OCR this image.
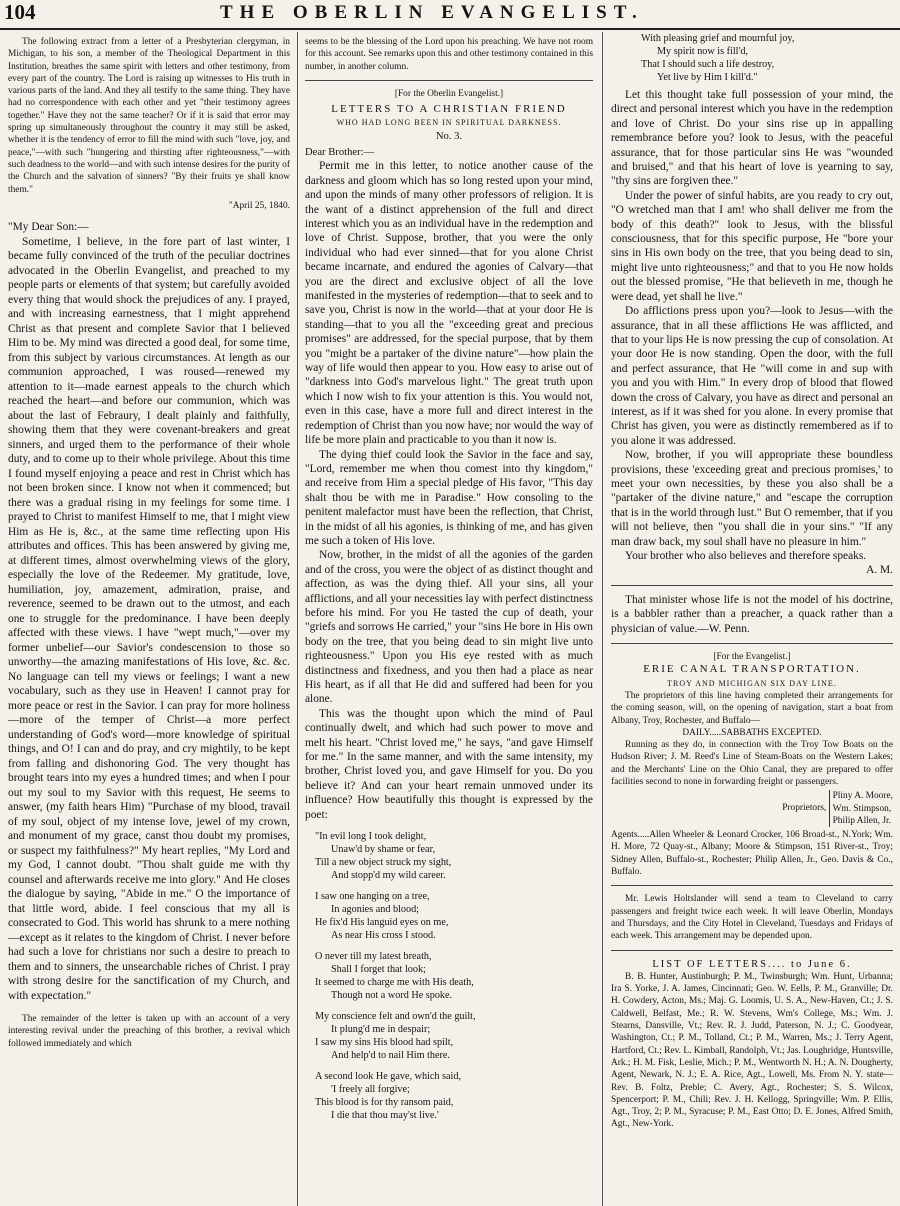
104	THE OBERLIN EVANGELIST.

The following extract from a letter of a Presbyterian clergyman, in Michigan, to his son, a member of the Theological Department in this Institution, breathes the same spirit with letters and other testimony, from every part of the country. The Lord is raising up witnesses to His truth in various parts of the land. And they all testify to the same thing. They have had no correspondence with each other and yet "their testimony agrees together." Have they not the same teacher? Or if it is said that error may spring up simultaneously throughout the country it may still be asked, whether it is the tendency of error to fill the mind with such "love, joy, and peace,"—with such "hungering and thirsting after righteousness,"—with such deadness to the world—and with such intense desires for the purity of the Church and the salvation of sinners? "By their fruits ye shall know them."

"April 25, 1840.

"My Dear Son:—

Sometime, I believe, in the fore part of last winter, I became fully convinced of the truth of the peculiar doctrines advocated in the Oberlin Evangelist, and preached to my people parts or elements of that system; but carefully avoided every thing that would shock the prejudices of any. I prayed, and with increasing earnestness, that I might apprehend Christ as that present and complete Savior that I believed Him to be. My mind was directed a good deal, for some time, from this subject by various circumstances. At length as our communion approached, I was roused—renewed my attention to it—made earnest appeals to the church which reached the heart—and before our communion, which was about the last of Febraury, I dealt plainly and faithfully, showing them that they were covenant-breakers and great sinners, and urged them to the performance of their whole duty, and to come up to their whole privilege. About this time I found myself enjoying a peace and rest in Christ which has not been broken since. I know not when it commenced; but there was a gradual rising in my feelings for some time. I prayed to Christ to manifest Himself to me, that I might view Him as He is, &c., at the same time reflecting upon His attributes and offices. This has been answered by giving me, at different times, almost overwhelming views of the glory, especially the love of the Redeemer. My gratitude, love, humiliation, joy, amazement, admiration, praise, and reverence, seemed to be drawn out to the utmost, and each one to struggle for the predominance. I have been deeply affected with these views. I have "wept much,"—over my former unbelief—our Savior's condescension to those so unworthy—the amazing manifestations of His love, &c. &c. No language can tell my views or feelings; I want a new vocabulary, such as they use in Heaven! I cannot pray for more peace or rest in the Savior. I can pray for more holiness—more of the temper of Christ—a more perfect understanding of God's word—more knowledge of spiritual things, and O! I can and do pray, and cry mightily, to be kept from falling and dishonoring God. The very thought has brought tears into my eyes a hundred times; and when I pour out my soul to my Savior with this request, He seems to answer, (my faith hears Him) "Purchase of my blood, travail of my soul, object of my intense love, jewel of my crown, and monument of my grace, canst thou doubt my promises, or suspect my faithfulness?" My heart replies, "My Lord and my God, I cannot doubt. "Thou shalt guide me with thy counsel and afterwards receive me into glory." And He closes the dialogue by saying, "Abide in me." O the importance of that little word, abide. I feel conscious that my all is consecrated to God. This world has shrunk to a mere nothing—except as it relates to the kingdom of Christ. I never before had such a love for christians nor such a desire to preach to them and to sinners, the unsearchable riches of Christ. I pray with strong desire for the sanctification of my Church, and with expectation."

The remainder of the letter is taken up with an account of a very interesting revival under the preaching of this brother, a revival which followed immediately and which

seems to be the blessing of the Lord upon his preaching. We have not room for this account. See remarks upon this and other testimony contained in this number, in another column.

[For the Oberlin Evangelist.]

LETTERS TO A CHRISTIAN FRIEND

WHO HAD LONG BEEN IN SPIRITUAL DARKNESS.

No. 3.

Dear Brother:—

Permit me in this letter, to notice another cause of the darkness and gloom which has so long rested upon your mind, and upon the minds of many other professors of religion. It is the want of a distinct apprehension of the full and direct interest which you as an individual have in the redemption and love of Christ. Suppose, brother, that you were the only individual who had ever sinned—that for you alone Christ became incarnate, and endured the agonies of Calvary—that you are the direct and exclusive object of all the love manifested in the mysteries of redemption—that to seek and to save you, Christ is now in the world—that at your door He is standing—that to you all the "exceeding great and precious promises" are addressed, for the special purpose, that by them you "might be a partaker of the divine nature"—how plain the way of life would then appear to you. How easy to arise out of "darkness into God's marvelous light." The great truth upon which I now wish to fix your attention is this. You would not, even in this case, have a more full and direct interest in the redemption of Christ than you now have; nor would the way of life be more plain and practicable to you than it now is.

The dying thief could look the Savior in the face and say, "Lord, remember me when thou comest into thy kingdom," and receive from Him a special pledge of His favor, "This day shalt thou be with me in Paradise." How consoling to the penitent malefactor must have been the reflection, that Christ, in the midst of all his agonies, is thinking of me, and has given me such a token of His love.

Now, brother, in the midst of all the agonies of the garden and of the cross, you were the object of as distinct thought and affection, as was the dying thief. All your sins, all your afflictions, and all your necessities lay with perfect distinctness before his mind. For you He tasted the cup of death, your "griefs and sorrows He carried," your "sins He bore in His own body on the tree, that you being dead to sin might live unto righteousness." Upon you His eye rested with as much distinctness and fixedness, and you then had a place as near His heart, as if all that He did and suffered had been for you alone.

This was the thought upon which the mind of Paul continually dwelt, and which had such power to move and melt his heart. "Christ loved me," he says, "and gave Himself for me." In the same manner, and with the same intensity, my brother, Christ loved you, and gave Himself for you. Do you believe it? And can your heart remain unmoved under its influence? How beautifully this thought is expressed by the poet:

"In evil long I took delight,
Unaw'd by shame or fear,
Till a new object struck my sight,
And stopp'd my wild career.
I saw one hanging on a tree,
In agonies and blood;
He fix'd His languid eyes on me,
As near His cross I stood.
O never till my latest breath,
Shall I forget that look;
It seemed to charge me with His death,
Though not a word He spoke.
My conscience felt and own'd the guilt,
It plung'd me in despair;
I saw my sins His blood had spilt,
And help'd to nail Him there.
A second look He gave, which said,
'I freely all forgive;
This blood is for thy ransom paid,
I die that thou may'st live.'
With pleasing grief and mournful joy,
My spirit now is fill'd,
That I should such a life destroy,
Yet live by Him I kill'd."

Let this thought take full possession of your mind, the direct and personal interest which you have in the redemption and love of Christ. Do your sins rise up in appalling remembrance before you? look to Jesus, with the peaceful assurance, that for those particular sins He was "wounded and bruised," and that his heart of love is yearning to say, "thy sins are forgiven thee."

Under the power of sinful habits, are you ready to cry out, "O wretched man that I am! who shall deliver me from the body of this death?" look to Jesus, with the blissful consciousness, that for this specific purpose, He "bore your sins in His own body on the tree, that you being dead to sin, might live unto righteousness;" and that to you He now holds out the blessed promise, "He that believeth in me, though he were dead, yet shall he live."

Do afflictions press upon you?—look to Jesus—with the assurance, that in all these afflictions He was afflicted, and that to your lips He is now pressing the cup of consolation. At your door He is now standing. Open the door, with the full and perfect assurance, that He "will come in and sup with you and you with Him." In every drop of blood that flowed down the cross of Calvary, you have as direct and personal an interest, as if it was shed for you alone. In every promise that Christ has given, you were as distinctly remembered as if to you alone it was addressed.

Now, brother, if you will appropriate these boundless provisions, these 'exceeding great and precious promises,' to meet your own necessities, by these you also shall be a "partaker of the divine nature," and "escape the corruption that is in the world through lust." But O remember, that if you will not believe, then "you shall die in your sins." "If any man draw back, my soul shall have no pleasure in him."

Your brother who also believes and therefore speaks.

A. M.

That minister whose life is not the model of his doctrine, is a babbler rather than a preacher, a quack rather than a physician of value.—W. Penn.

[For the Evangelist.]

ERIE CANAL TRANSPORTATION.

TROY AND MICHIGAN SIX DAY LINE.

The proprietors of this line having completed their arrangements for the coming season, will, on the opening of navigation, start a boat from Albany, Troy, Rochester, and Buffalo—

DAILY.....SABBATHS EXCEPTED.

Running as they do, in connection with the Troy Tow Boats on the Hudson River; J. M. Reed's Line of Steam-Boats on the Western Lakes; and the Merchants' Line on the Ohio Canal, they are prepared to offer facilities second to none in forwarding freight or passengers.

Proprietors,
Pliny A. Moore,
Wm. Stimpson,
Philip Allen, Jr.

Agents.....Allen Wheeler & Leonard Crocker, 106 Broad-st., N.York; Wm. H. More, 72 Quay-st., Albany; Moore & Stimpson, 151 River-st., Troy; Sidney Allen, Buffalo-st., Rochester; Philip Allen, Jr., Geo. Davis & Co., Buffalo.

Mr. Lewis Holtslander will send a team to Cleveland to carry passengers and freight twice each week. It will leave Oberlin, Mondays and Thursdays, and the City Hotel in Cleveland, Tuesdays and Fridays of each week. This arrangement may be depended upon.

LIST OF LETTERS.... to June 6.

B. B. Hunter, Austinburgh; P. M., Twinsburgh; Wm. Hunt, Urbanna; Ira S. Yorke, J. A. James, Cincinnati; Geo. W. Eells, P. M., Granville; Dr. H. Cowdery, Acton, Ms.; Maj. G. Loomis, U. S. A., New-Haven, Ct.; J. S. Caldwell, Belfast, Me.; R. W. Stevens, Wm's College, Ms.; Wm. J. Stearns, Dansville, Vt.; Rev. R. J. Judd, Paterson, N. J.; C. Goodyear, Washington, Ct.; P. M., Tolland, Ct.; P. M., Warren, Ms.; J. Terry Agent, Hartford, Ct.; Rev. L. Kimball, Randolph, Vt.; Jas. Loughridge, Huntsville, Ark.; H. M. Fisk, Leslie, Mich.; P. M., Wentworth N. H.; A. N. Dougherty, Agent, Newark, N. J.; E. A. Rice, Agt., Lowell, Ms. From N. Y. state—Rev. B. Foltz, Preble; C. Avery, Agt., Rochester; S. S. Wilcox, Spencerport; P. M., Chili; Rev. J. H. Kellogg, Springville; Wm. P. Ellis, Agt., Troy, 2; P. M., Syracuse; P. M., East Otto; D. E. Jones, Alfred Smith, Agt., New-York.
